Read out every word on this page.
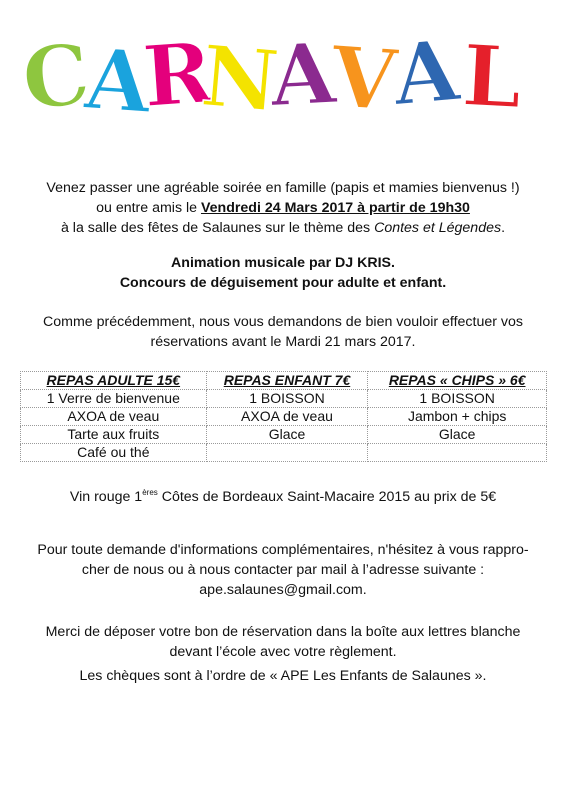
C
A
R
N
A
V
A
L
Venez passer une agréable soirée en famille (papis et mamies bienvenus !)
ou entre amis le Vendredi 24 Mars 2017 à partir de 19h30
à la salle des fêtes de Salaunes sur le thème des Contes et Légendes.
Animation musicale par DJ KRIS.
Concours de déguisement pour adulte et enfant.
Comme précédemment, nous vous demandons de bien vouloir effectuer vos
réservations avant le Mardi 21 mars 2017.
REPAS ADULTE 15€	REPAS ENFANT 7€	REPAS « CHIPS » 6€
1 Verre de bienvenue	1 BOISSON	1 BOISSON
AXOA de veau	AXOA de veau	Jambon + chips
Tarte aux fruits	Glace	Glace
Café ou thé		
Vin rouge 1ères Côtes de Bordeaux Saint-Macaire 2015 au prix de 5€
Pour toute demande d'informations complémentaires, n'hésitez à vous rappro-
cher de nous ou à nous contacter par mail à l’adresse suivante :
ape.salaunes@gmail.com.
Merci de déposer votre bon de réservation dans la boîte aux lettres blanche
devant l’école avec votre règlement.
Les chèques sont à l’ordre de « APE Les Enfants de Salaunes ».
